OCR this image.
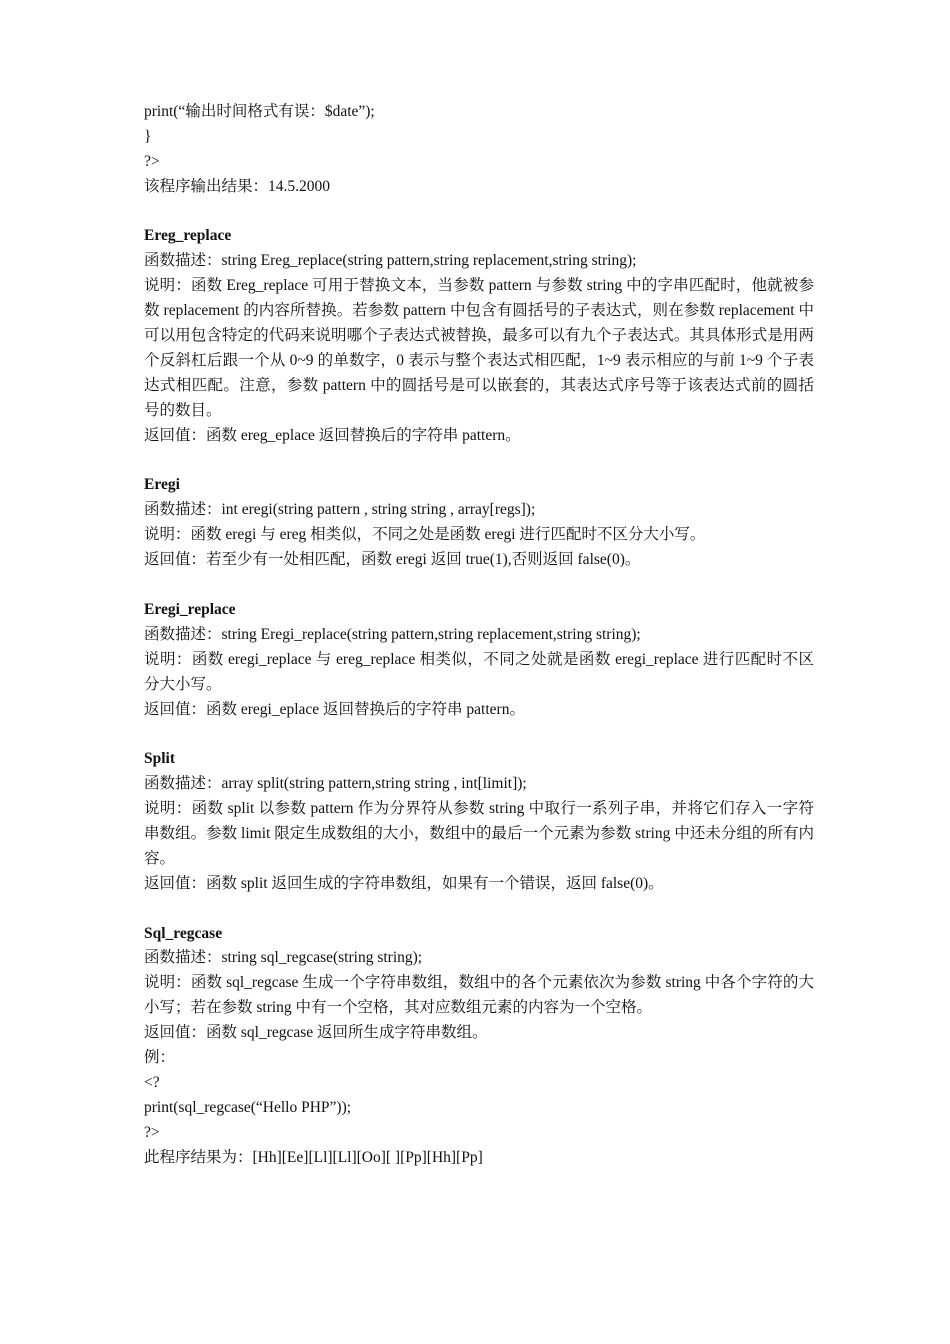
print(“输出时间格式有误：$date”);
}
?>
该程序输出结果：14.5.2000
Ereg_replace
函数描述：string Ereg_replace(string pattern,string replacement,string string);
说明：函数 Ereg_replace 可用于替换文本，当参数 pattern 与参数 string 中的字串匹配时，他就被参数 replacement 的内容所替换。若参数 pattern 中包含有圆括号的子表达式，则在参数 replacement 中可以用包含特定的代码来说明哪个子表达式被替换，最多可以有九个子表达式。其具体形式是用两个反斜杠后跟一个从 0~9 的单数字，0 表示与整个表达式相匹配，1~9 表示相应的与前 1~9 个子表达式相匹配。注意，参数 pattern 中的圆括号是可以嵌套的，其表达式序号等于该表达式前的圆括号的数目。
返回值：函数 ereg_eplace 返回替换后的字符串 pattern。
Eregi
函数描述：int eregi(string pattern , string string , array[regs]);
说明：函数 eregi 与 ereg 相类似，不同之处是函数 eregi 进行匹配时不区分大小写。
返回值：若至少有一处相匹配，函数 eregi 返回 true(1),否则返回 false(0)。
Eregi_replace
函数描述：string Eregi_replace(string pattern,string replacement,string string);
说明：函数 eregi_replace 与 ereg_replace 相类似，不同之处就是函数 eregi_replace 进行匹配时不区分大小写。
返回值：函数 eregi_eplace 返回替换后的字符串 pattern。
Split
函数描述：array split(string pattern,string string , int[limit]);
说明：函数 split 以参数 pattern 作为分界符从参数 string 中取行一系列子串，并将它们存入一字符串数组。参数 limit 限定生成数组的大小，数组中的最后一个元素为参数 string 中还未分组的所有内容。
返回值：函数 split 返回生成的字符串数组，如果有一个错误，返回 false(0)。
Sql_regcase
函数描述：string sql_regcase(string string);
说明：函数 sql_regcase 生成一个字符串数组，数组中的各个元素依次为参数 string 中各个字符的大小写；若在参数 string 中有一个空格，其对应数组元素的内容为一个空格。
返回值：函数 sql_regcase 返回所生成字符串数组。
例：
<?
print(sql_regcase(“Hello PHP”));
?>
此程序结果为：[Hh][Ee][Ll][Ll][Oo][ ][Pp][Hh][Pp]
